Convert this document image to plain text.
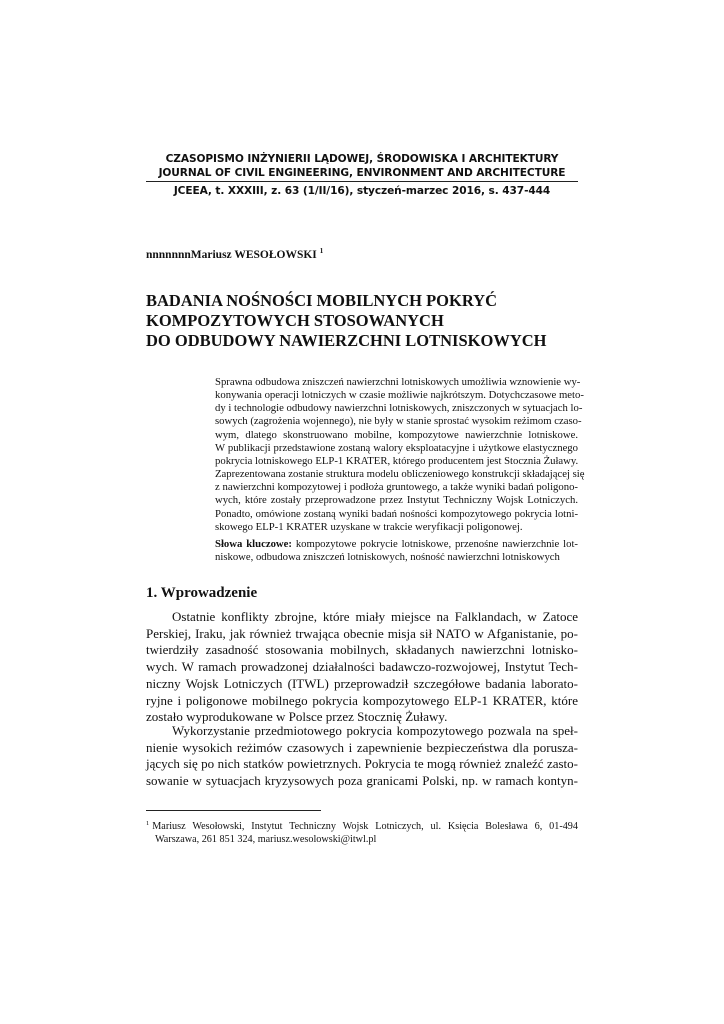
CZASOPISMO INŻYNIERII LĄDOWEJ, ŚRODOWISKA I ARCHITEKTURY
JOURNAL OF CIVIL ENGINEERING, ENVIRONMENT AND ARCHITECTURE
JCEEA, t. XXXIII, z. 63 (1/II/16), styczeń-marzec 2016, s. 437-444
nnnnnnnMariusz WESOŁOWSKI $^1$
BADANIA NOŚNOŚCI MOBILNYCH POKRYĆ
KOMPOZYTOWYCH STOSOWANYCH
DO ODBUDOWY NAWIERZCHNI LOTNISKOWYCH
Sprawna odbudowa zniszczeń nawierzchni lotniskowych umożliwia wznowienie wy-
konywania operacji lotniczych w czasie możliwie najkrótszym. Dotychczasowe meto-
dy i technologie odbudowy nawierzchni lotniskowych, zniszczonych w sytuacjach lo-
sowych (zagrożenia wojennego), nie były w stanie sprostać wysokim reżimom czaso-
wym, dlatego skonstruowano mobilne, kompozytowe nawierzchnie lotniskowe.
W publikacji przedstawione zostaną walory eksploatacyjne i użytkowe elastycznego
pokrycia lotniskowego ELP-1 KRATER, którego producentem jest Stocznia Żuławy.
Zaprezentowana zostanie struktura modelu obliczeniowego konstrukcji składającej się
z nawierzchni kompozytowej i podłoża gruntowego, a także wyniki badań poligono-
wych, które zostały przeprowadzone przez Instytut Techniczny Wojsk Lotniczych.
Ponadto, omówione zostaną wyniki badań nośności kompozytowego pokrycia lotni-
skowego ELP-1 KRATER uzyskane w trakcie weryfikacji poligonowej.
Słowa kluczowe: kompozytowe pokrycie lotniskowe, przenośne nawierzchnie lot-
niskowe, odbudowa zniszczeń lotniskowych, nośność nawierzchni lotniskowych
1. Wprowadzenie
Ostatnie konflikty zbrojne, które miały miejsce na Falklandach, w Zatoce
Perskiej, Iraku, jak również trwająca obecnie misja sił NATO w Afganistanie, po-
twierdziły zasadność stosowania mobilnych, składanych nawierzchni lotnisko-
wych. W ramach prowadzonej działalności badawczo-rozwojowej, Instytut Tech-
niczny Wojsk Lotniczych (ITWL) przeprowadził szczegółowe badania laborato-
ryjne i poligonowe mobilnego pokrycia kompozytowego ELP-1 KRATER, które
zostało wyprodukowane w Polsce przez Stocznię Żuławy.
Wykorzystanie przedmiotowego pokrycia kompozytowego pozwala na speł-
nienie wysokich reżimów czasowych i zapewnienie bezpieczeństwa dla porusza-
jących się po nich statków powietrznych. Pokrycia te mogą również znaleźć zasto-
sowanie w sytuacjach kryzysowych poza granicami Polski, np. w ramach kontyn-
$^1$ Mariusz Wesołowski, Instytut Techniczny Wojsk Lotniczych, ul. Księcia Bolesława 6, 01-494
Warszawa, 261 851 324, mariusz.wesolowski@itwl.pl
